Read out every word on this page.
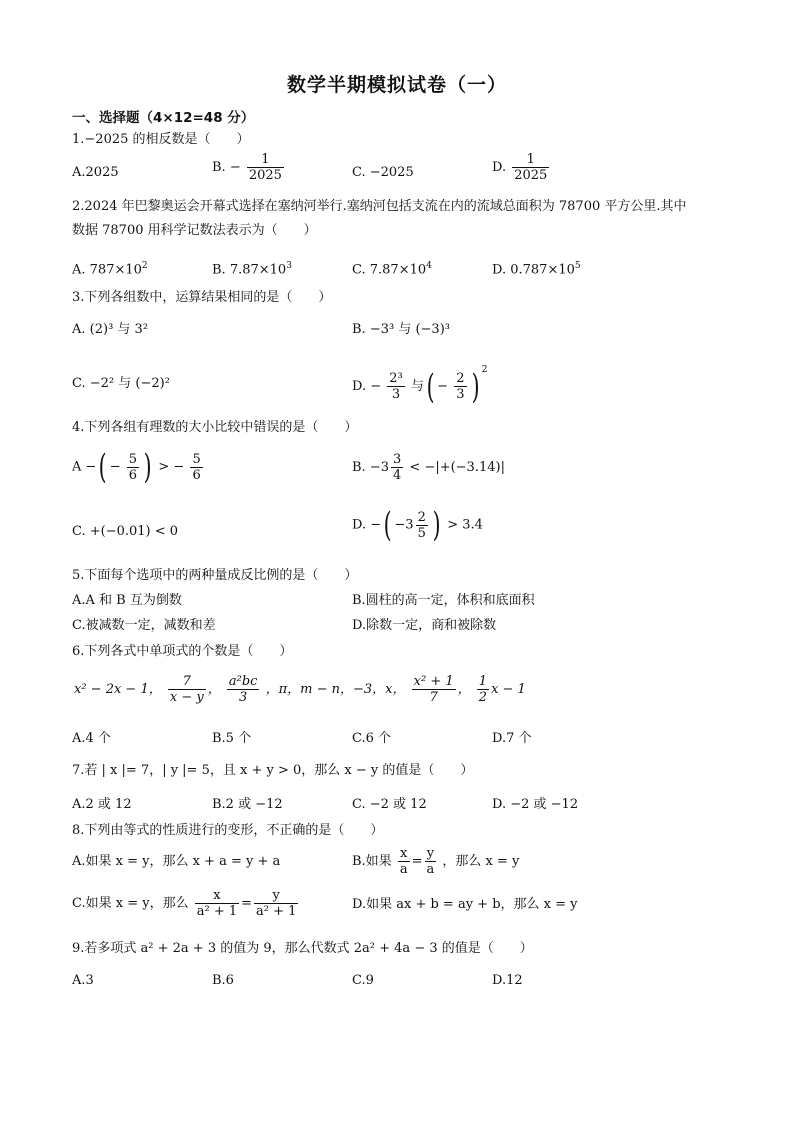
数学半期模拟试卷（一）
一、选择题（4×12=48 分）
1.−2025 的相反数是（　　）
A.2025	B. − $\frac{1}{2025}$	C. −2025	D. $\frac{1}{2025}$
2.2024 年巴黎奥运会开幕式选择在塞纳河举行.塞纳河包括支流在内的流域总面积为 78700 平方公里.其中
数据 78700 用科学记数法表示为（　　）
A. $787\times 10^2$	B. $7.87\times 10^3$	C. $7.87\times 10^4$	D. $0.787\times 10^5$
3.下列各组数中，运算结果相同的是（　　）
A. (2)³ 与 3²	B. −3³ 与 (−3)³
C. −2² 与 (−2)²	D. − $\frac{\text{2³}}{3}$ 与( − $\frac{2}{3}$ ) $^2$
4.下列各组有理数的大小比较中错误的是（　　）
A −( − $\frac{5}{6}$ ) > − $\frac{5}{6}$	B. $-3 \frac{3}{4} < -|+(-3.14)|$
C. +(−0.01) < 0	D. −( $-3 \frac{2}{5}$ ) > 3.4
5.下面每个选项中的两种量成反比例的是（　　）
A.A 和 B 互为倒数	B.圆柱的高一定，体积和底面积
C.被减数一定，减数和差	D.除数一定，商和被除数
6.下列各式中单项式的个数是（　　）
x² − 2x − 1， $\frac{7}{x - y}$ ， $\frac{\text{a²bc}}{3}$ ，π，m − n，−3，x， $\frac{\text{x² + 1}}{7}$ ， $\frac{1}{2}$ x − 1
A.4 个	B.5 个	C.6 个	D.7 个
7.若 | x |= 7，| y |= 5，且 x + y > 0，那么 x − y 的值是（　　）
A.2 或 12	B.2 或 −12	C. −2 或 12	D. −2 或 −12
8.下列由等式的性质进行的变形，不正确的是（　　）
A.如果 x = y，那么 x + a = y + a	B.如果 $\frac{x}{a} = \frac{y}{a}$ ，那么 x = y
C.如果 x = y，那么 $\frac{x}{\text{a² + 1}} = \frac{y}{\text{a² + 1}}$	D.如果 ax + b = ay + b，那么 x = y
9.若多项式 a² + 2a + 3 的值为 9，那么代数式 2a² + 4a − 3 的值是（　　）
A.3	B.6	C.9	D.12
